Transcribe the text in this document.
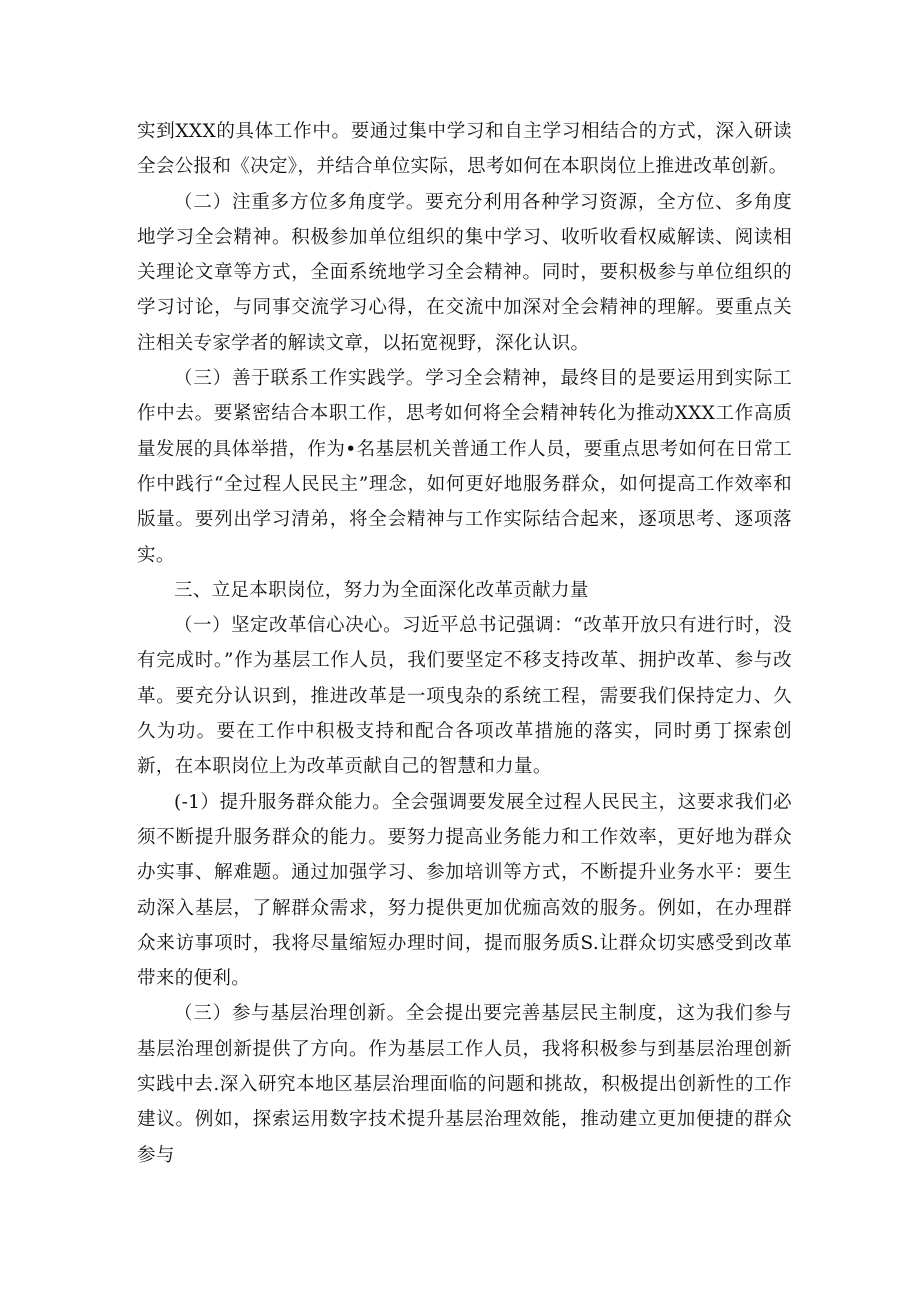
实到XXX的具体工作中。要通过集中学习和自主学习相结合的方式，深入研读全会公报和《决定》，并结合单位实际，思考如何在本职岗位上推进改革创新。

（二）注重多方位多角度学。要充分利用各种学习资源，全方位、多角度地学习全会精神。积极参加单位组织的集中学习、收听收看权威解读、阅读相关理论文章等方式，全面系统地学习全会精神。同时，要积极参与单位组织的学习讨论，与同事交流学习心得，在交流中加深对全会精神的理解。要重点关注相关专家学者的解读文章，以拓宽视野，深化认识。

（三）善于联系工作实践学。学习全会精神，最终目的是要运用到实际工作中去。要紧密结合本职工作，思考如何将全会精神转化为推动XXX工作高质量发展的具体举措，作为•名基层机关普通工作人员，要重点思考如何在日常工作中践行“全过程人民民主”理念，如何更好地服务群众，如何提高工作效率和版量。要列出学习清弟，将全会精神与工作实际结合起来，逐项思考、逐项落实。

三、立足本职岗位，努力为全面深化改革贡献力量

（一）坚定改革信心决心。习近平总书记强调：“改革开放只有进行时，没有完成时。”作为基层工作人员，我们要坚定不移支持改革、拥护改革、参与改革。要充分认识到，推进改革是一项曳杂的系统工程，需要我们保持定力、久久为功。要在工作中积极支持和配合各项改革措施的落实，同时勇丁探索创新，在本职岗位上为改革贡献自己的智慧和力量。

(-1）提升服务群众能力。全会强调要发展全过程人民民主，这要求我们必须不断提升服务群众的能力。要努力提高业务能力和工作效率，更好地为群众办实事、解难题。通过加强学习、参加培训等方式，不断提升业务水平：要生动深入基层，了解群众需求，努力提供更加优痂高效的服务。例如，在办理群众来访事项时，我将尽量缩短办理时间，提而服务质S.让群众切实感受到改革带来的便利。

（三）参与基层治理创新。全会提出要完善基层民主制度，这为我们参与基层治理创新提供了方向。作为基层工作人员，我将积极参与到基层治理创新实践中去.深入研究本地区基层治理面临的问题和挑故，积极提出创新性的工作建议。例如，探索运用数字技术提升基层治理效能，推动建立更加便捷的群众参与
